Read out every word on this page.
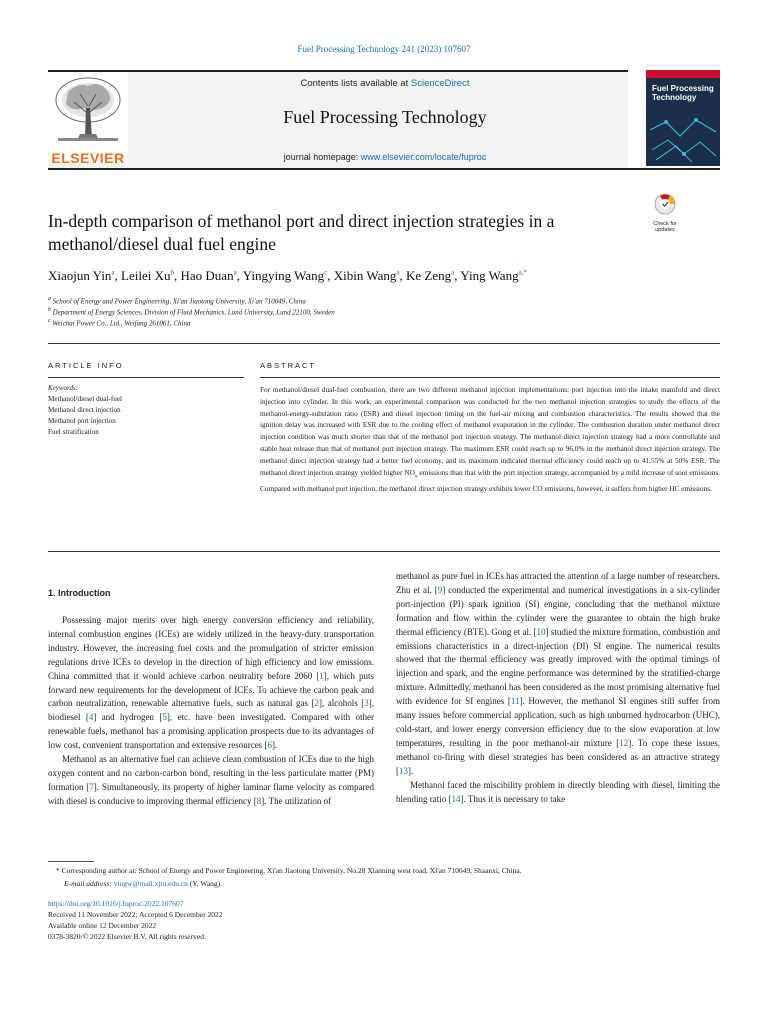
Fuel Processing Technology 241 (2023) 107607
ELSEVIER
Contents lists available at ScienceDirect
Fuel Processing Technology
journal homepage: www.elsevier.com/locate/fuproc
Fuel Processing Technology
In-depth comparison of methanol port and direct injection strategies in a methanol/diesel dual fuel engine
Check for updates
Xiaojun Yin$^a$, Leilei Xu$^b$, Hao Duan$^a$, Yingying Wang$^c$, Xibin Wang$^a$, Ke Zeng$^a$, Ying Wang$^{a,*}$
$^a$ School of Energy and Power Engineering, Xi'an Jiaotong University, Xi'an 710049, China
$^b$ Department of Energy Sciences, Division of Fluid Mechanics, Lund University, Lund 22100, Sweden
$^c$ Weichai Power Co., Ltd., Weifang 261061, China
ARTICLE INFO
Keywords:
Methanol/diesel dual-fuel
Methanol direct injection
Methanol port injection
Fuel stratification
ABSTRACT
For methanol/diesel dual-fuel combustion, there are two different methanol injection implementations: port injection into the intake manifold and direct injection into cylinder. In this work, an experimental comparison was conducted for the two methanol injection strategies to study the effects of the methanol-energy-substation ratio (ESR) and diesel injection timing on the fuel-air mixing and combustion characteristics. The results showed that the ignition delay was increased with ESR due to the cooling effect of methanol evaporation in the cylinder. The combustion duration under methanol direct injection condition was much shorter than that of the methanol port injection strategy. The methanol direct injection strategy had a more controllable and stable heat release than that of methanol port injection strategy. The maximum ESR could reach up to 96.0% in the methanol direct injection strategy. The methanol direct injection strategy had a better fuel economy, and its maximum indicated thermal efficiency could reach up to 41.55% at 50% ESR. The methanol direct injection strategy yielded higher $NO_x$ emissions than that with the port injection strategy, accompanied by a mild increase of soot emissions. Compared with methanol port injection, the methanol direct injection strategy exhibits lower CO emissions, however, it suffers from higher HC emissions.
1. Introduction

Possessing major merits over high energy conversion efficiency and reliability, internal combustion engines (ICEs) are widely utilized in the heavy-duty transportation industry. However, the increasing fuel costs and the promulgation of stricter emission regulations drive ICEs to develop in the direction of high efficiency and low emissions. China committed that it would achieve carbon neutrality before 2060 [1], which puts forward new requirements for the development of ICEs. To achieve the carbon peak and carbon neutralization, renewable alternative fuels, such as natural gas [2], alcohols [3], biodiesel [4] and hydrogen [5], etc. have been investigated. Compared with other renewable fuels, methanol has a promising application prospects due to its advantages of low cost, convenient transportation and extensive resources [6].

Methanol as an alternative fuel can achieve clean combustion of ICEs due to the high oxygen content and no carbon-carbon bond, resulting in the less particulate matter (PM) formation [7]. Simultaneously, its property of higher laminar flame velocity as compared with diesel is conducive to improving thermal efficiency [8]. The utilization of

methanol as pure fuel in ICEs has attracted the attention of a large number of researchers. Zhu et al. [9] conducted the experimental and numerical investigations in a six-cylinder port-injection (PI) spark ignition (SI) engine, concluding that the methanol mixture formation and flow within the cylinder were the guarantee to obtain the high brake thermal efficiency (BTE). Gong et al. [10] studied the mixture formation, combustion and emissions characteristics in a direct-injection (DI) SI engine. The numerical results showed that the thermal efficiency was greatly improved with the optimal timings of injection and spark, and the engine performance was determined by the stratified-charge mixture. Admittedly, methanol has been considered as the most promising alternative fuel with evidence for SI engines [11]. However, the methanol SI engines still suffer from many issues before commercial application, such as high unburned hydrocarbon (UHC), cold-start, and lower energy conversion efficiency due to the slow evaporation at low temperatures, resulting in the poor methanol-air mixture [12]. To cope these issues, methanol co-firing with diesel strategies has been considered as an attractive strategy [13].

Methanol faced the miscibility problem in directly blending with diesel, limiting the blending ratio [14]. Thus it is necessary to take

* Corresponding author at: School of Energy and Power Engineering, Xi'an Jiaotong University, No.28 Xianning west road, Xi'an 710049, Shaanxi, China.
E-mail address: yingw@mail.xjtu.edu.cn (Y. Wang).
https://doi.org/10.1016/j.fuproc.2022.107607
Received 11 November 2022; Accepted 6 December 2022
Available online 12 December 2022
0378-3820/© 2022 Elsevier B.V. All rights reserved.
